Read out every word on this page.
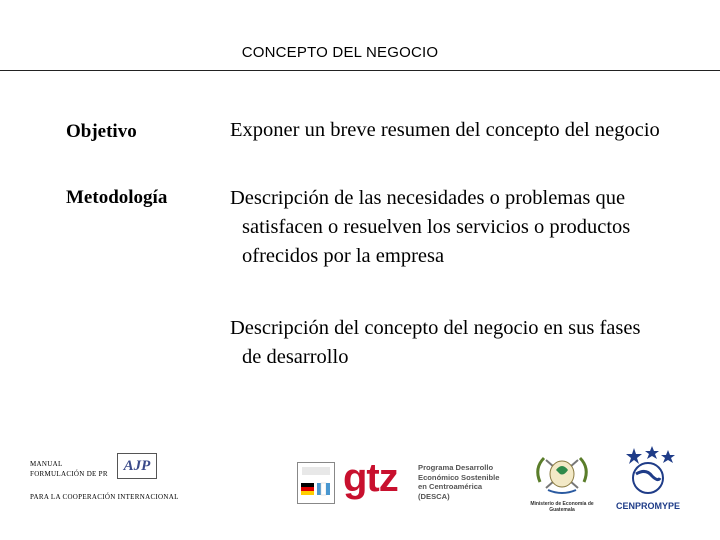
CONCEPTO DEL NEGOCIO
Objetivo	Exponer un breve resumen del concepto del negocio
Metodología	Descripción de las necesidades o problemas que satisfacen o resuelven los servicios o productos ofrecidos por la empresa
Descripción del concepto del negocio en sus fases de desarrollo
MANUAL
FORMULACIÓN DE PR	AJP
PARA LA COOPERACIÓN INTERNACIONAL	gtz	Programa Desarrollo
Económico Sostenible
en Centroamérica
(DESCA)
Ministerio de Economía de Guatemala	CENPROMYPE
